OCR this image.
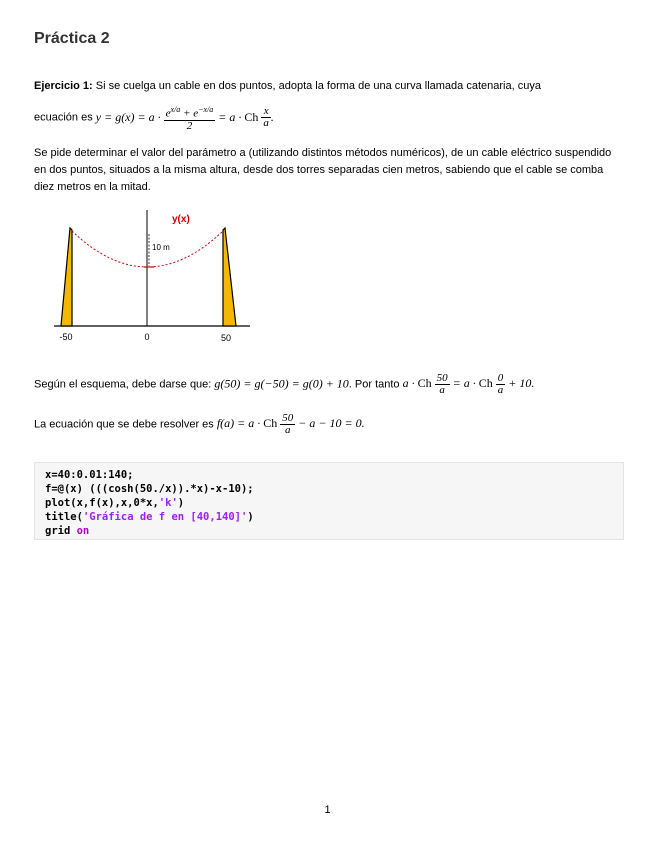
Práctica 2
Ejercicio 1: Si se cuelga un cable en dos puntos, adopta la forma de una curva llamada catenaria, cuya
ecuación es $y = g(x) = a \cdot \frac{e^{x/a} + e^{-x/a}}{2} = a \cdot Ch \frac{x}{a}$ .
Se pide determinar el valor del parámetro a (utilizando distintos métodos numéricos), de un cable eléctrico suspendido en dos puntos, situados a la misma altura, desde dos torres separadas cien metros, sabiendo que el cable se comba diez metros en la mitad.
10 m
y(x)
-50	0	50
Según el esquema, debe darse que: g(50) = g(−50) = g(0) + 10. Por tanto a · Ch $\frac{50}{a} = a \cdot Ch \frac{0}{a} + 10$.
La ecuación que se debe resolver es f(a) = a · Ch $\frac{50}{a} - a - 10 = 0$.
x=40:0.01:140;
f=@(x) (((cosh(50./x)).*x)-x-10);
plot(x,f(x),x,0*x,'k')
title('Gráfica de f en [40,140]')
grid on
1
